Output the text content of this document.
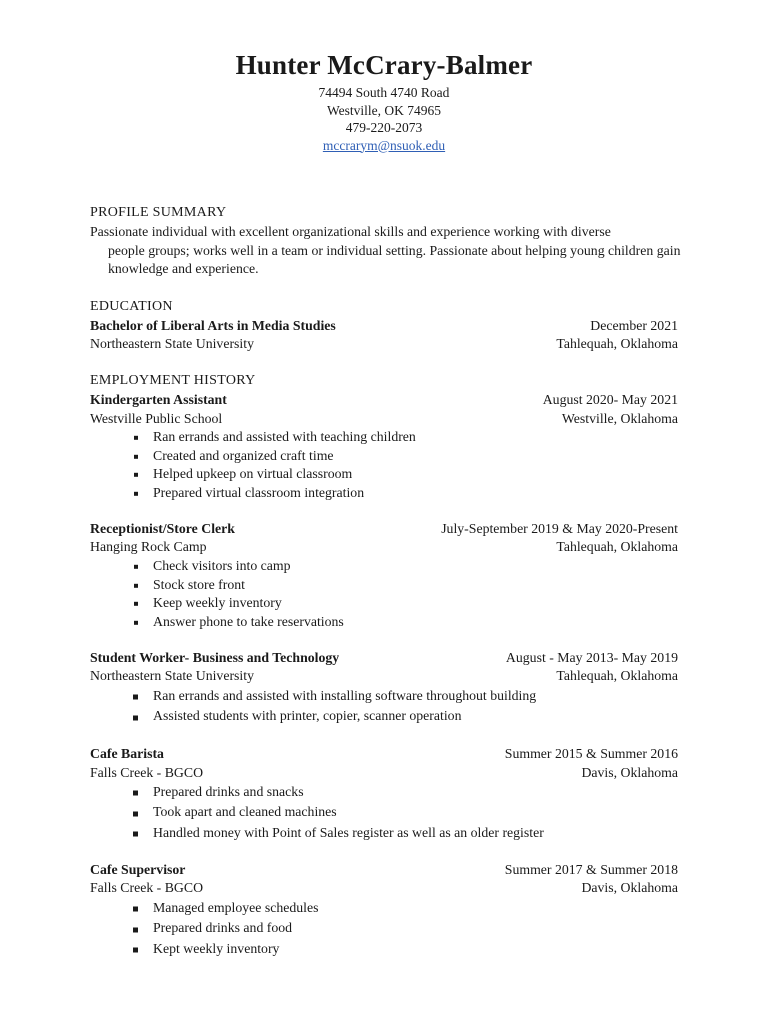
Hunter McCrary-Balmer
74494 South 4740 Road
Westville, OK 74965
479-220-2073
mccrarym@nsuok.edu
PROFILE SUMMARY
Passionate individual with excellent organizational skills and experience working with diverse
people groups; works well in a team or individual setting. Passionate about helping young children gain knowledge and experience.
EDUCATION
Bachelor of Liberal Arts in Media Studies	December 2021
Northeastern State University	Tahlequah, Oklahoma
EMPLOYMENT HISTORY
Kindergarten Assistant	August 2020- May 2021
Westville Public School	Westville, Oklahoma
Ran errands and assisted with teaching children
Created and organized craft time
Helped upkeep on virtual classroom
Prepared virtual classroom integration
Receptionist/Store Clerk	July-September 2019 & May 2020-Present
Hanging Rock Camp	Tahlequah, Oklahoma
Check visitors into camp
Stock store front
Keep weekly inventory
Answer phone to take reservations
Student Worker- Business and Technology	August - May 2013- May 2019
Northeastern State University	Tahlequah, Oklahoma
Ran errands and assisted with installing software throughout building
Assisted students with printer, copier, scanner operation
Cafe Barista	Summer 2015 & Summer 2016
Falls Creek - BGCO	Davis, Oklahoma
Prepared drinks and snacks
Took apart and cleaned machines
Handled money with Point of Sales register as well as an older register
Cafe Supervisor	Summer 2017 & Summer 2018
Falls Creek - BGCO	Davis, Oklahoma
Managed employee schedules
Prepared drinks and food
Kept weekly inventory
